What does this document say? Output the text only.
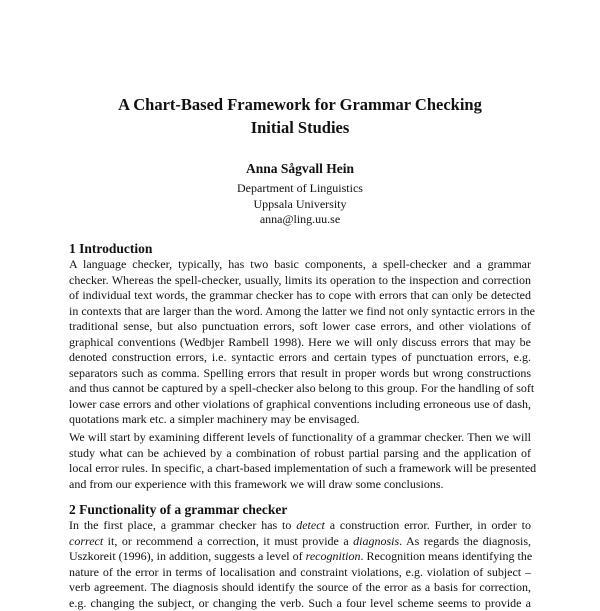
A Chart-Based Framework for Grammar Checking
Initial Studies
Anna Sågvall Hein
Department of Linguistics
Uppsala University
anna@ling.uu.se
1 Introduction
A language checker, typically, has two basic components, a spell-checker and a grammar
checker. Whereas the spell-checker, usually, limits its operation to the inspection and correction
of individual text words, the grammar checker has to cope with errors that can only be detected
in contexts that are larger than the word. Among the latter we find not only syntactic errors in the
traditional sense, but also punctuation errors, soft lower case errors, and other violations of
graphical conventions (Wedbjer Rambell 1998). Here we will only discuss errors that may be
denoted construction errors, i.e. syntactic errors and certain types of punctuation errors, e.g.
separators such as comma. Spelling errors that result in proper words but wrong constructions
and thus cannot be captured by a spell-checker also belong to this group. For the handling of soft
lower case errors and other violations of graphical conventions including erroneous use of dash,
quotations mark etc. a simpler machinery may be envisaged.
We will start by examining different levels of functionality of a grammar checker. Then we will
study what can be achieved by a combination of robust partial parsing and the application of
local error rules. In specific, a chart-based implementation of such a framework will be presented
and from our experience with this framework we will draw some conclusions.
2 Functionality of a grammar checker
In the first place, a grammar checker has to detect a construction error. Further, in order to
correct it, or recommend a correction, it must provide a diagnosis. As regards the diagnosis,
Uszkoreit (1996), in addition, suggests a level of recognition. Recognition means identifying the
nature of the error in terms of localisation and constraint violations, e.g. violation of subject –
verb agreement. The diagnosis should identify the source of the error as a basis for correction,
e.g. changing the subject, or changing the verb. Such a four level scheme seems to provide a
